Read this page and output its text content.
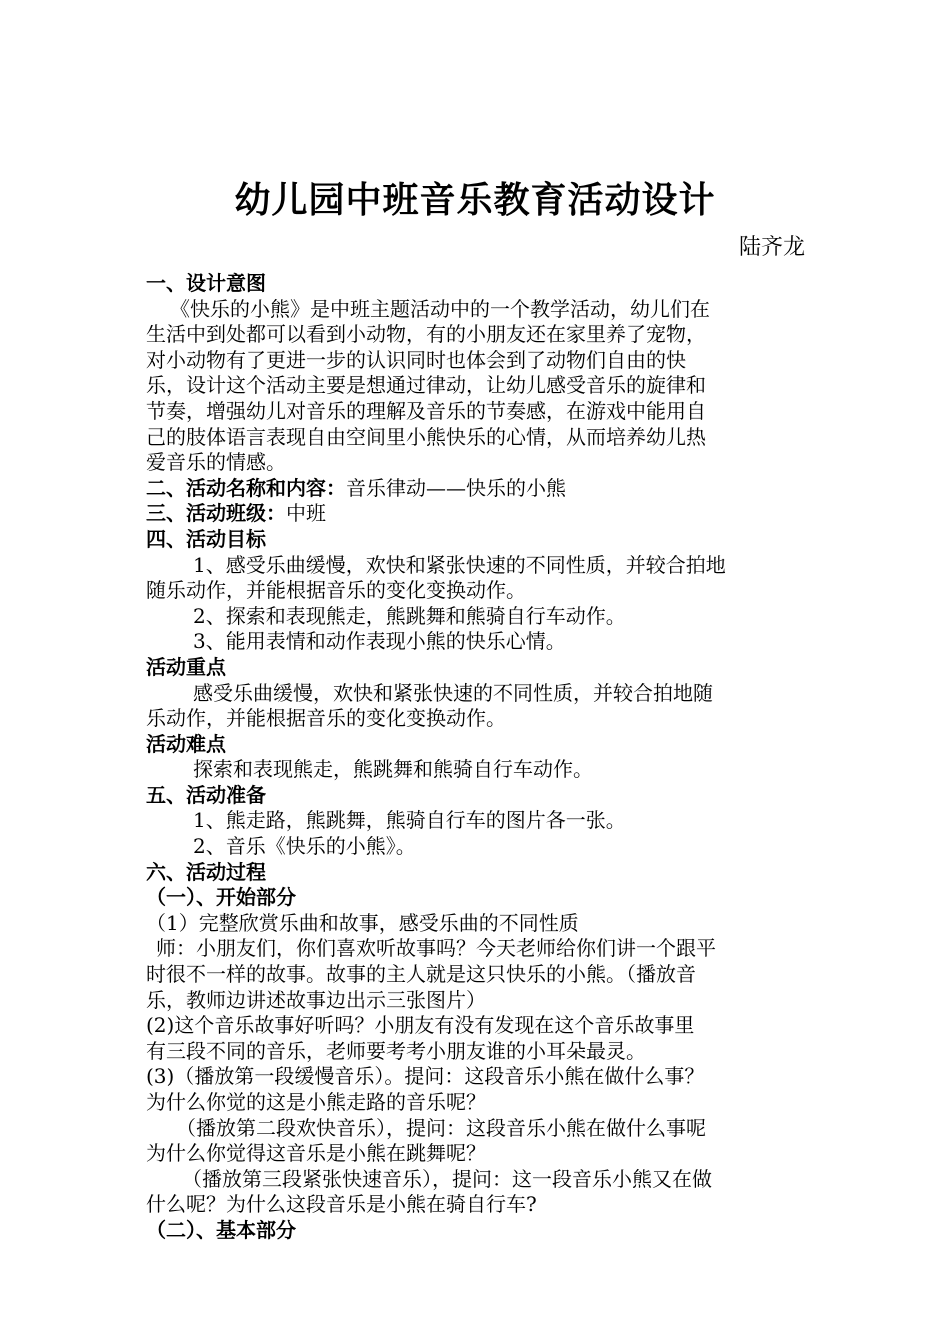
幼儿园中班音乐教育活动设计
陆齐龙
一、设计意图
《快乐的小熊》是中班主题活动中的一个教学活动，幼儿们在
生活中到处都可以看到小动物，有的小朋友还在家里养了宠物，
对小动物有了更进一步的认识同时也体会到了动物们自由的快
乐，设计这个活动主要是想通过律动，让幼儿感受音乐的旋律和
节奏，增强幼儿对音乐的理解及音乐的节奏感，在游戏中能用自
己的肢体语言表现自由空间里小熊快乐的心情，从而培养幼儿热
爱音乐的情感。
二、活动名称和内容：音乐律动——快乐的小熊
三、活动班级：中班
四、活动目标
1、感受乐曲缓慢，欢快和紧张快速的不同性质，并较合拍地
随乐动作，并能根据音乐的变化变换动作。
2、探索和表现熊走，熊跳舞和熊骑自行车动作。
3、能用表情和动作表现小熊的快乐心情。
活动重点
感受乐曲缓慢，欢快和紧张快速的不同性质，并较合拍地随
乐动作，并能根据音乐的变化变换动作。
活动难点
探索和表现熊走，熊跳舞和熊骑自行车动作。
五、活动准备
1、熊走路，熊跳舞，熊骑自行车的图片各一张。
2、音乐《快乐的小熊》。
六、活动过程
（一）、开始部分
（1）完整欣赏乐曲和故事，感受乐曲的不同性质
师：小朋友们，你们喜欢听故事吗？今天老师给你们讲一个跟平
时很不一样的故事。故事的主人就是这只快乐的小熊。（播放音
乐，教师边讲述故事边出示三张图片）
(2)这个音乐故事好听吗？小朋友有没有发现在这个音乐故事里
有三段不同的音乐，老师要考考小朋友谁的小耳朵最灵。
(3)（播放第一段缓慢音乐）。提问：这段音乐小熊在做什么事？
为什么你觉的这是小熊走路的音乐呢？
（播放第二段欢快音乐），提问：这段音乐小熊在做什么事呢
为什么你觉得这音乐是小熊在跳舞呢？
（播放第三段紧张快速音乐），提问：这一段音乐小熊又在做
什么呢？为什么这段音乐是小熊在骑自行车?
（二）、基本部分
